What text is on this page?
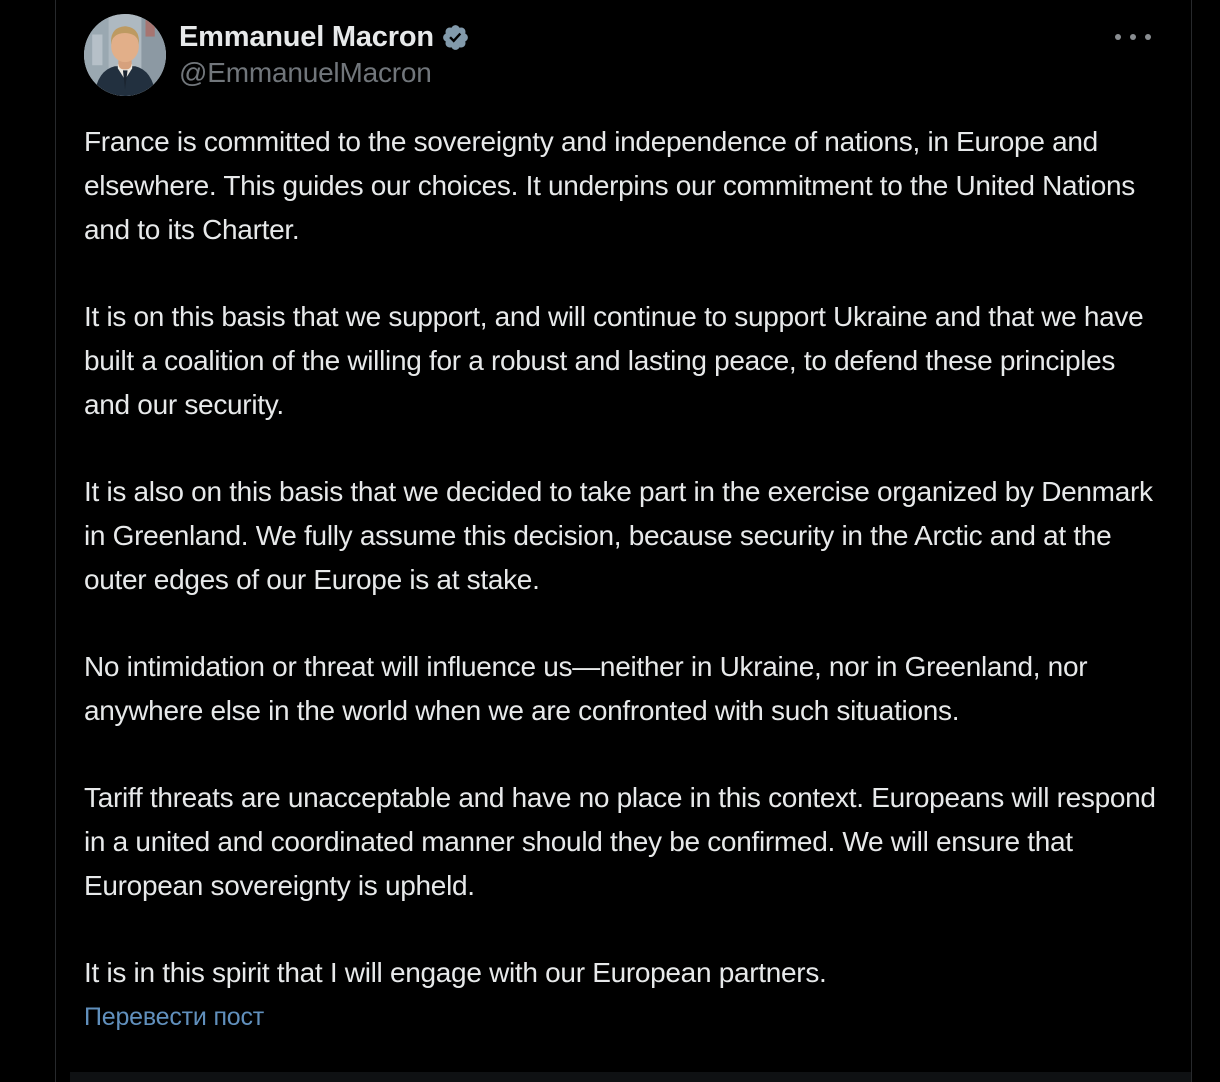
Emmanuel Macron
@EmmanuelMacron

France is committed to the sovereignty and independence of nations, in Europe and elsewhere. This guides our choices. It underpins our commitment to the United Nations and to its Charter.

It is on this basis that we support, and will continue to support Ukraine and that we have built a coalition of the willing for a robust and lasting peace, to defend these principles and our security.

It is also on this basis that we decided to take part in the exercise organized by Denmark in Greenland. We fully assume this decision, because security in the Arctic and at the outer edges of our Europe is at stake.

No intimidation or threat will influence us—neither in Ukraine, nor in Greenland, nor anywhere else in the world when we are confronted with such situations.

Tariff threats are unacceptable and have no place in this context. Europeans will respond in a united and coordinated manner should they be confirmed. We will ensure that European sovereignty is upheld.

It is in this spirit that I will engage with our European partners.

Перевести пост
